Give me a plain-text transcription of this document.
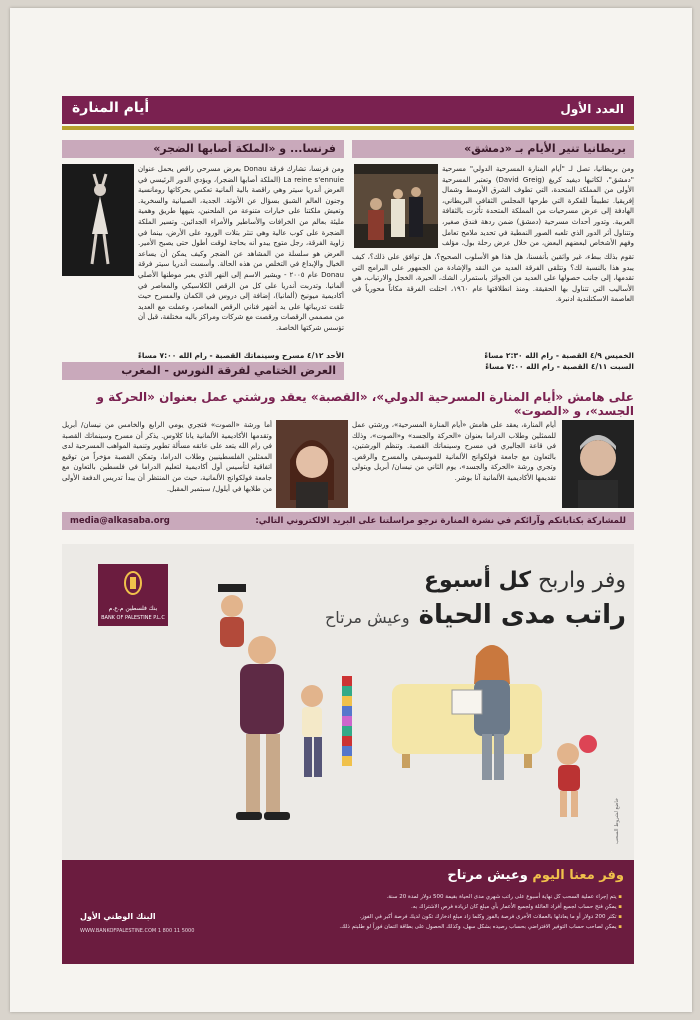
العدد الأول
أيام المنارة
بريطانيا تنير الأيام بـ «دمشق»
ومن بريطانيا، تصل لـ "أيام المنارة المسرحية الدولي" مسرحية "دمشق"، لكاتبها ديفيد كريغ (David Greig) وتعتبر المسرحية الأولى من المملكة المتحدة، التي تطوف الشرق الأوسط وشمال إفريقيا. تطبيقاً للفكرة التي طرحها المجلس الثقافي البريطاني، الهادفة إلى عرض مسرحيات من المملكة المتحدة تأثرت بالثقافة العربية. وتدور أحداث مسرحية (دمشق) ضمن ردهة فندق صغير، وتتناول أثر الدور الذي تلعبه الصور النمطية في تحديد ملامح تعامل وفهم الأشخاص لبعضهم البعض، من خلال عرض رحلة بول، مؤلف
تقوم بذلك ببطء، غير واثقين بأنفسنا، هل هذا هو الأسلوب الصحيح؟، هل توافق على ذلك؟، كيف يبدو هذا بالنسبة لك؟ وتتلقى الفرقة العديد من النقد والإشادة من الجمهور على البرامج التي تقدمها، إلى جانب حصولها على العديد من الجوائز باستمرار. الشك، الحيرة، الخجل والارتياب، هي الأساليب التي تتناول بها الحقيقة. ومنذ انطلاقتها عام ١٩٦٠، احتلت الفرقة مكاناً محورياً في العاصمة الاسكتلندية ادنبرة.
الخميس ٤/٩ القصبة - رام الله ٢:٣٠ مساءً
السبت ٤/١١ القصبة - رام الله ٧:٠٠ مساءً
فرنسا... و «الملكة أصابها الضجر»
ومن فرنسا، تشارك فرقة Donau بعرض مسرحي راقص يحمل عنوان La reine s'ennuie (الملكة أصابها الضجر)، ويؤدي الدور الرئيسي في العرض أندريا سيتر وهي راقصة بالية ألمانية تعكس بحركاتها رومانسية وجنون العالم الشبق بسؤال عن الأنوثة. الجدية، الصبيانية والسخرية. وتعيش ملكتنا على خيارات متنوعة من الملحنين، يتيهها طريق وهمية مليئة بعالم من الخرافات والأساطير والأمراء الجدائين. وتسير الملكة الضجرة على كوب عالية وهي تنثر بتلات الورود على الأرض، بينما في زاوية الفرقة، رجل متوج يبدو أنه بحاجة لوقت أطول حتى يصبح الأمير. العرض هو سلسلة من المشاهد عن الضجر وكيف يمكن أن يساعد الخيال والإبداع في التخلص من هذه الحالة. وأسست أندريا سيتر فرقة Donau عام ٢٠٠٥ - ويشير الاسم إلى النهر الذي يعبر موطنها الأصلي ألمانيا. وتدربت أندريا على كل من الرقص الكلاسيكي والمعاصر في أكاديمية ميونيخ (ألمانيا)، إضافة إلى دروس في الكمان والمسرح حيث تلقت تدريباتها على يد أشهر فناني الرقص المعاصر، وعملت مع العديد من مصممي الرقصات ورقصت مع شركات ومراكز باليه مختلفة، قبل أن تؤسس شركتها الخاصة.
الأحد ٤/١٢ مسرح وسينماتك القصبة - رام الله ٧:٠٠ مساءً
العرض الختامي لفرقة النورس - المغرب
على هامش «أيام المنارة المسرحية الدولي»، «القصبة» يعقد ورشتي عمل بعنوان «الحركة و الجسد»، و «الصوت»
أيام المنارة، يعقد على هامش «أيام المنارة المسرحية»، ورشتي عمل للممثلين وطلاب الدراما بعنوان «الحركة والجسد» و«الصوت»، وذلك في قاعة الجاليري في مسرح وسينماتك القصبة. وتنظم الورشتين، بالتعاون مع جامعة فولكوانج الألمانية للموسيقى والمسرح والرقص. وتجري ورشة «الحركة والجسد»، يوم الثاني من نيسان/ أبريل ويتولى تقديمها الأكاديمية الألمانية آنا بوشر.
أما ورشة «الصوت» فتجري يومي الرابع والخامس من نيسان/ أبريل وتقدمها الأكاديمية الألمانية يانا كلاوس. يذكر أن مسرح وسينماتك القصبة في رام الله يتعد على عاتقه مسألة تطوير وتنمية المواهب المسرحية لدى الممثلين الفلسطينيين وطلاب الدراما، وتمكن القصبة مؤخراً من توقيع اتفاقية لتأسيس أول أكاديمية لتعليم الدراما في فلسطين بالتعاون مع جامعة فولكوانج الألمانية، حيث من المنتظر أن يبدأ تدريس الدفعة الأولى من طلابها في أيلول/ سبتمبر المقبل.
للمشاركة بكتاباتكم وآرائكم في نشرة المنارة نرجو مراسلتنا على البريد الالكتروني التالي:
media@alkasaba.org
بنك فلسطين م.ع.م
BANK OF PALESTINE P.L.C
وفر واربح كل أسبوع
راتب مدى الحياة وعيش مرتاح
خاضع لشروط السحب
وفر معنا اليوم وعيش مرتاح
▪ يتم إجراء عملية السحب كل نهاية أسبوع على راتب شهري مدى الحياة بقيمة 500 دولار لمدة 20 سنة.
▪ يمكن فتح حساب لجميع أفراد العائلة ولجميع الأعمار بأي مبلغ كان لزيادة فرص الاشتراك به.
▪ تكثر 200 دولار أو ما يعادلها بالعملات الأخرى فرصة بالفوز وكلما زاد مبلغ ادخارك تكون لديك فرصة أكبر في الفوز.
▪ يمكن لصاحب حساب التوفير الافتراضي بحساب رصيده بشكل سهل، وكذلك الحصول على بطاقة ائتمان فوراً لو طلبتم ذلك.
البنك الوطني الأول
WWW.BANKOFPALESTINE.COM 1 800 11 5000
